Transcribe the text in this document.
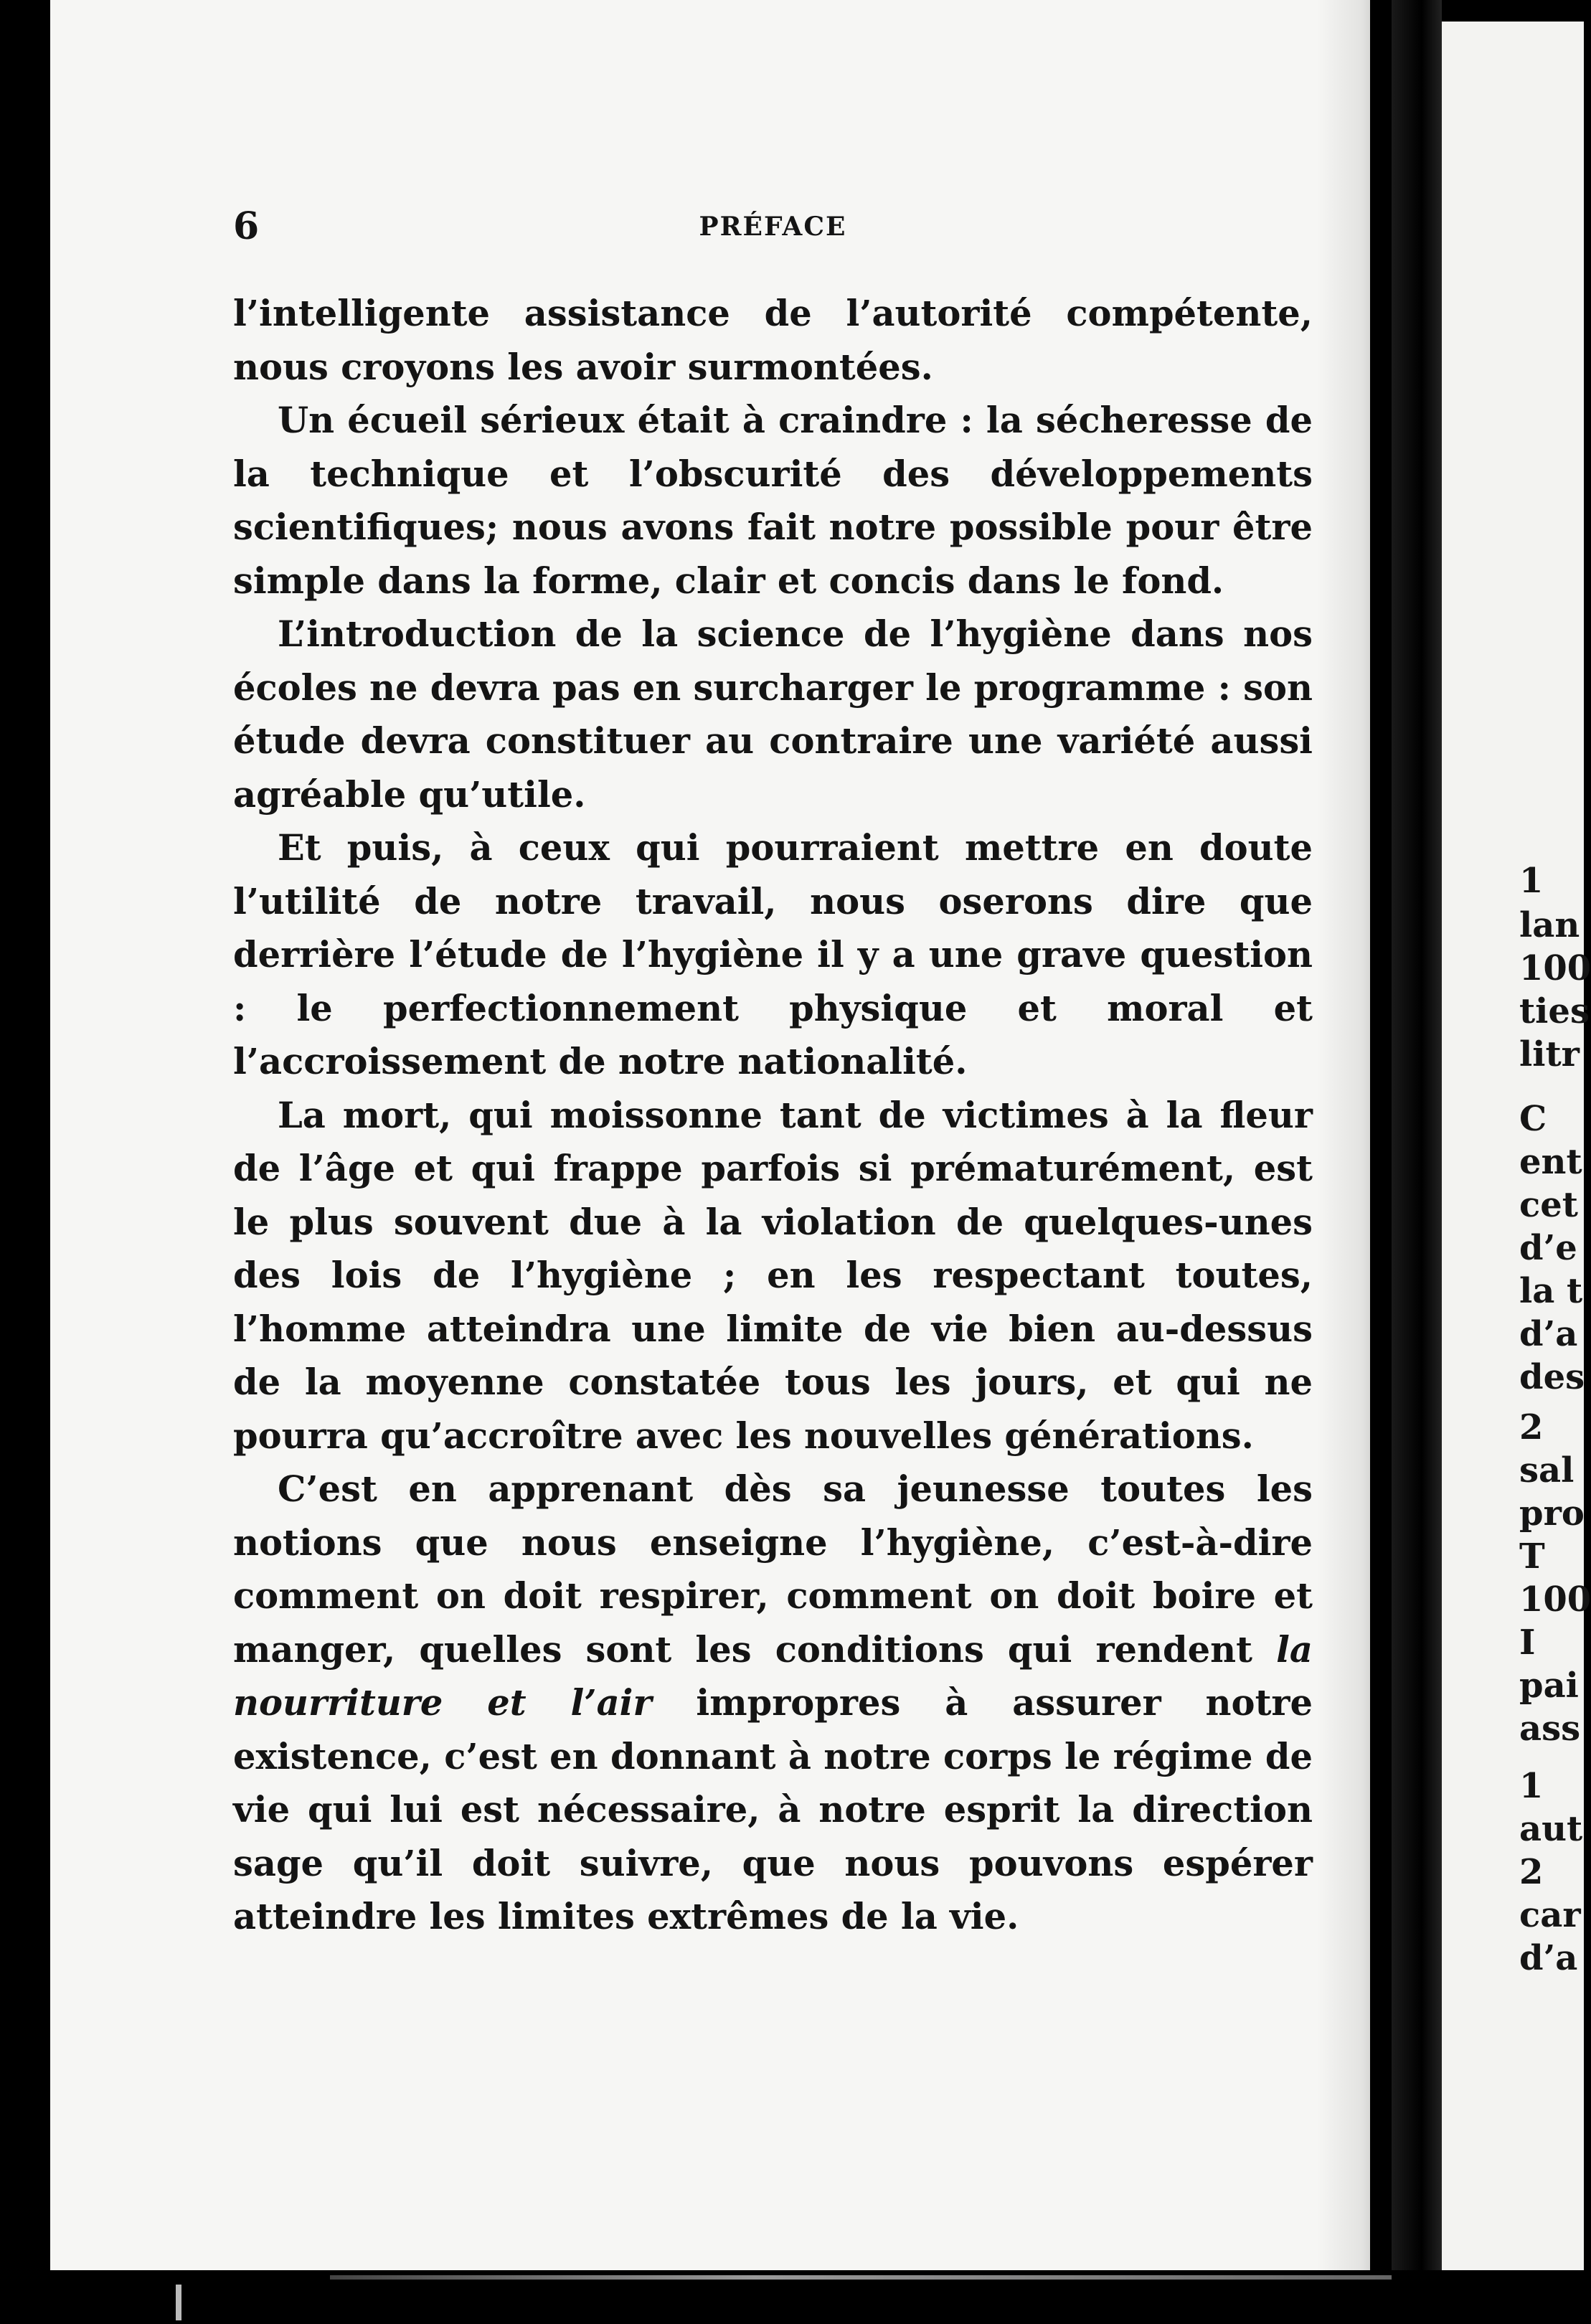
6	PRÉFACE

l’intelligente assistance de l’autorité compétente, nous croyons les avoir surmontées.

Un écueil sérieux était à craindre : la sécheresse de la technique et l’obscurité des développements scientifiques; nous avons fait notre possible pour être simple dans la forme, clair et concis dans le fond.

L’introduction de la science de l’hygiène dans nos écoles ne devra pas en surcharger le programme : son étude devra constituer au contraire une variété aussi agréable qu’utile.

Et puis, à ceux qui pourraient mettre en doute l’utilité de notre travail, nous oserons dire que derrière l’étude de l’hygiène il y a une grave question : le perfectionnement physique et moral et l’accroissement de notre nationalité.

La mort, qui moissonne tant de victimes à la fleur de l’âge et qui frappe parfois si prématurément, est le plus souvent due à la violation de quelques-unes des lois de l’hygiène ; en les respectant toutes, l’homme atteindra une limite de vie bien au-dessus de la moyenne constatée tous les jours, et qui ne pourra qu’accroître avec les nouvelles générations.

C’est en apprenant dès sa jeunesse toutes les notions que nous enseigne l’hygiène, c’est-à-dire comment on doit respirer, comment on doit boire et manger, quelles sont les conditions qui rendent la nourriture et l’air impropres à assurer notre existence, c’est en donnant à notre corps le régime de vie qui lui est nécessaire, à notre esprit la direction sage qu’il doit suivre, que nous pouvons espérer atteindre les limites extrêmes de la vie.

1
lan
100
ties
litr
C
ent
cet
d’e
la t
d’a
des
2
sal
pro
T
100
I
pai
ass
1
aut
2
car
d’a
